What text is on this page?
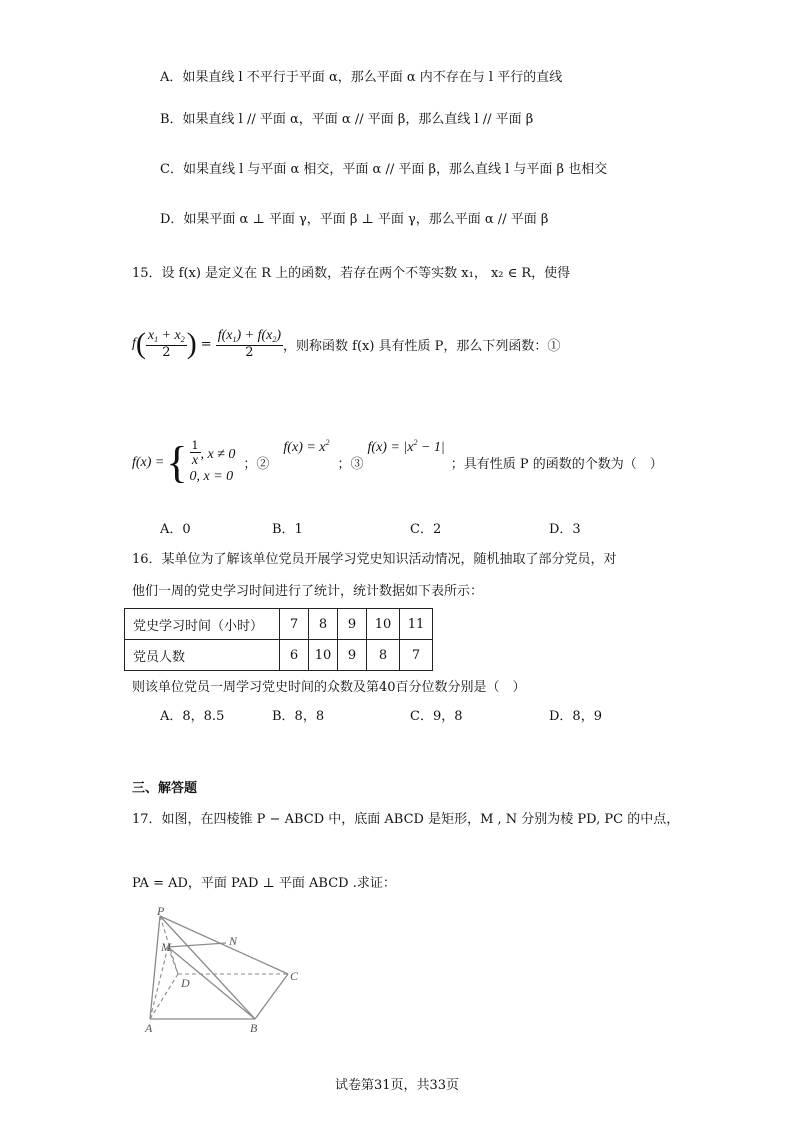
A．如果直线 l 不平行于平面 α，那么平面 α 内不存在与 l 平行的直线
B．如果直线 l // 平面 α，平面 α // 平面 β，那么直线 l // 平面 β
C．如果直线 l 与平面 α 相交，平面 α // 平面 β，那么直线 l 与平面 β 也相交
D．如果平面 α ⊥ 平面 γ，平面 β ⊥ 平面 γ，那么平面 α // 平面 β
15．设 f(x) 是定义在 R 上的函数，若存在两个不等实数 x₁， x₂ ∈ R，使得
f ( $\frac{x_1 + x_2}{2}$ ) = $\frac{f(x_1) + f(x_2)}{2}$ ，则称函数 f(x) 具有性质 P，那么下列函数：①
f(x) = { $\frac{1}{x}$ , x ≠ 0
0, x = 0
；②
$f(x) = x^2$
；③
$f(x) = |x^2 - 1|$
；具有性质 P 的函数的个数为（　）
A．0	B．1	C．2	D．3
16．某单位为了解该单位党员开展学习党史知识活动情况，随机抽取了部分党员，对
他们一周的党史学习时间进行了统计，统计数据如下表所示：
党史学习时间（小时）	7	8	9	10	11
党员人数	6	10	9	8	7
则该单位党员一周学习党史时间的众数及第40百分位数分别是（　）
A．8，8.5	B．8，8	C．9，8	D．8，9
三、解答题
17．如图，在四棱锥 P − ABCD 中，底面 ABCD 是矩形，M , N 分别为棱 PD, PC 的中点，
PA = AD，平面 PAD ⊥ 平面 ABCD .求证：
P
M	N
D	C
A	B
试卷第31页，共33页
